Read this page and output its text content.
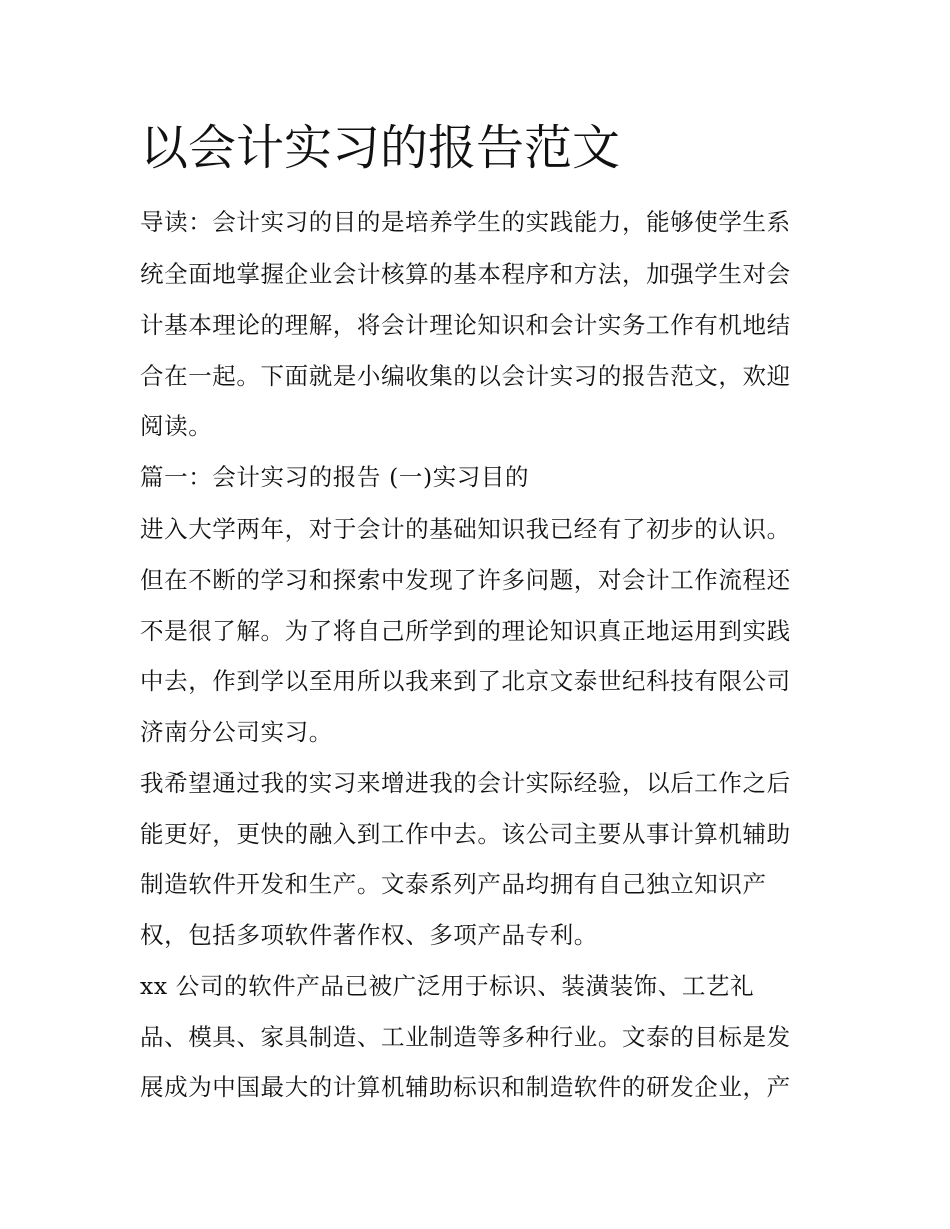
以会计实习的报告范文

导读：会计实习的目的是培养学生的实践能力，能够使学生系

统全面地掌握企业会计核算的基本程序和方法，加强学生对会

计基本理论的理解，将会计理论知识和会计实务工作有机地结

合在一起。下面就是小编收集的以会计实习的报告范文，欢迎

阅读。

篇一：会计实习的报告 (一)实习目的

进入大学两年，对于会计的基础知识我已经有了初步的认识。

但在不断的学习和探索中发现了许多问题，对会计工作流程还

不是很了解。为了将自己所学到的理论知识真正地运用到实践

中去，作到学以至用所以我来到了北京文泰世纪科技有限公司

济南分公司实习。

我希望通过我的实习来增进我的会计实际经验，以后工作之后

能更好，更快的融入到工作中去。该公司主要从事计算机辅助

制造软件开发和生产。文泰系列产品均拥有自己独立知识产

权，包括多项软件著作权、多项产品专利。

xx 公司的软件产品已被广泛用于标识、装潢装饰、工艺礼

品、模具、家具制造、工业制造等多种行业。文泰的目标是发

展成为中国最大的计算机辅助标识和制造软件的研发企业，产
